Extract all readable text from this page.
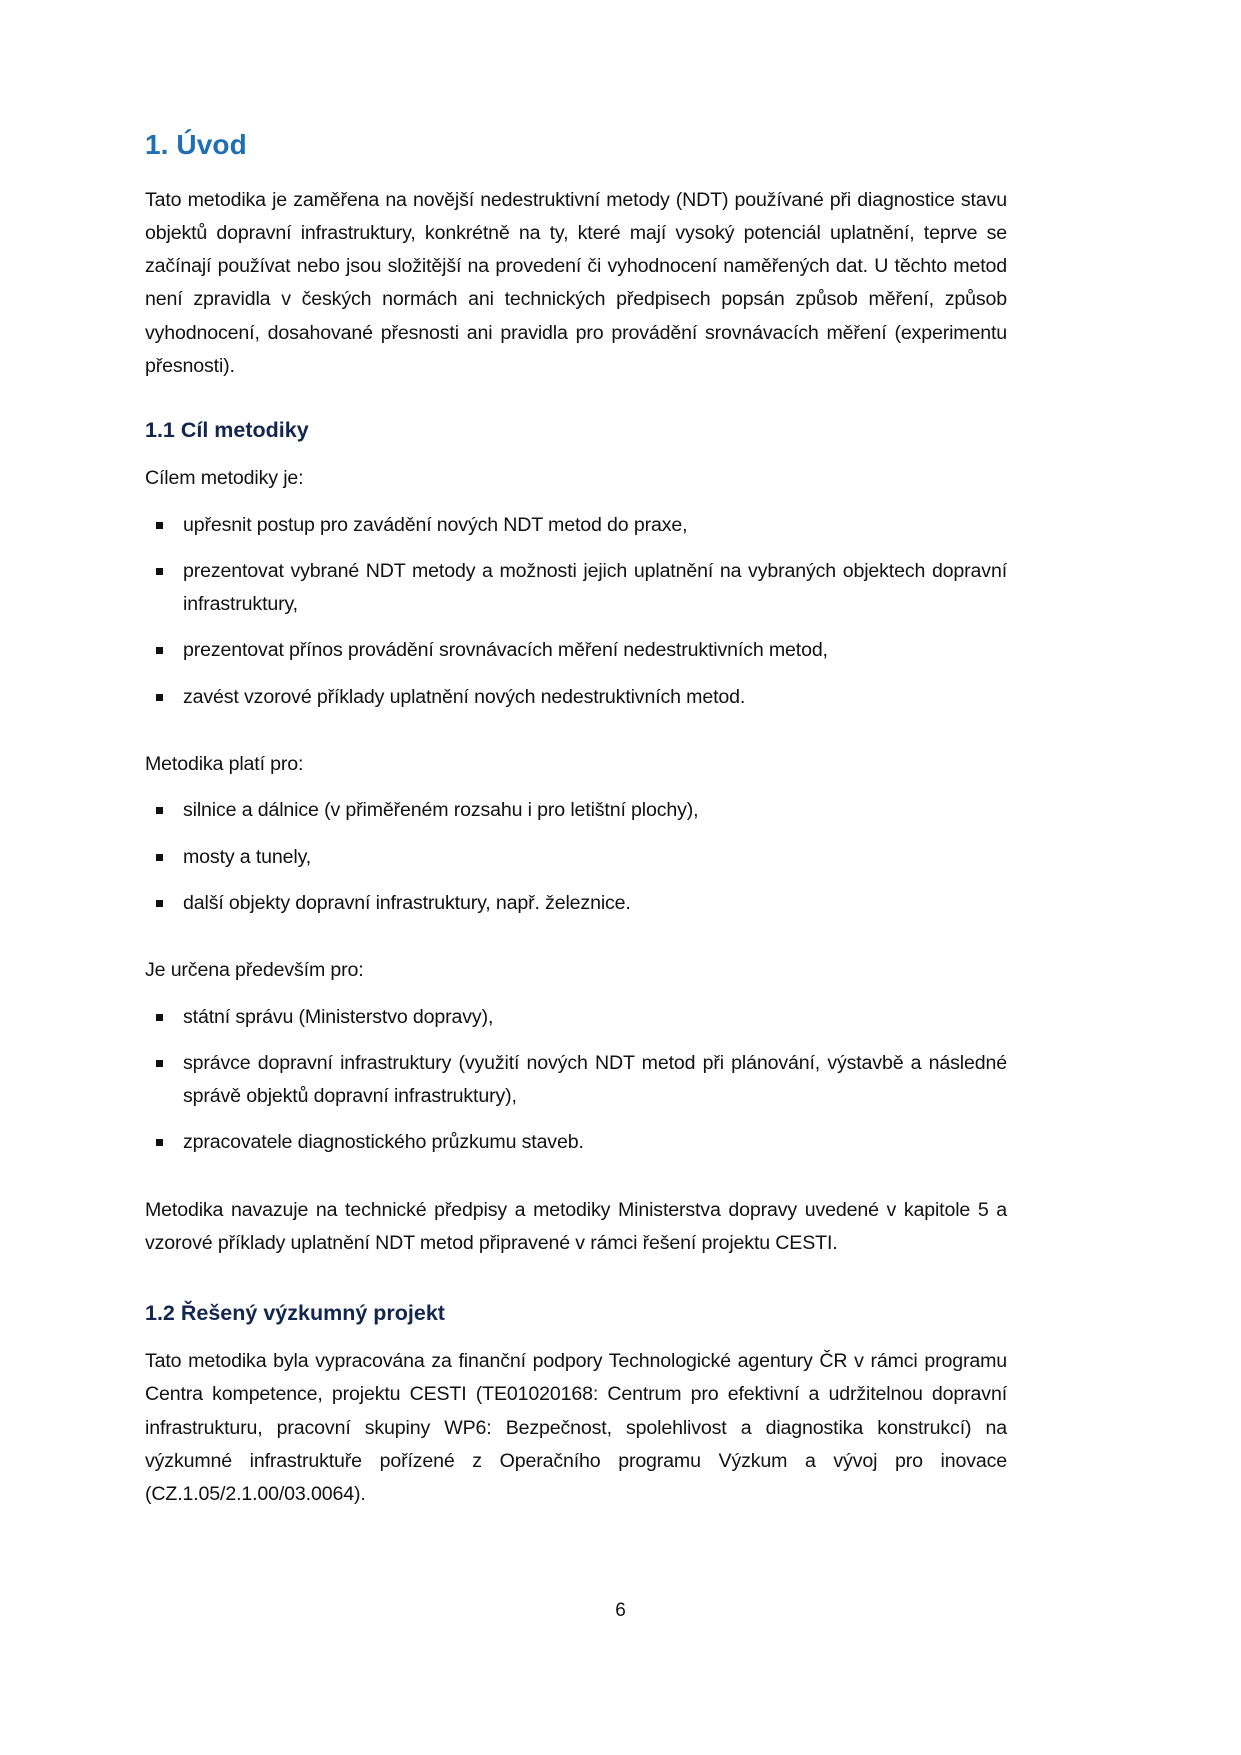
1. Úvod

Tato metodika je zaměřena na novější nedestruktivní metody (NDT) používané při diagnostice stavu objektů dopravní infrastruktury, konkrétně na ty, které mají vysoký potenciál uplatnění, teprve se začínají používat nebo jsou složitější na provedení či vyhodnocení naměřených dat. U těchto metod není zpravidla v českých normách ani technických předpisech popsán způsob měření, způsob vyhodnocení, dosahované přesnosti ani pravidla pro provádění srovnávacích měření (experimentu přesnosti).

1.1 Cíl metodiky

Cílem metodiky je:

upřesnit postup pro zavádění nových NDT metod do praxe,
prezentovat vybrané NDT metody a možnosti jejich uplatnění na vybraných objektech dopravní infrastruktury,
prezentovat přínos provádění srovnávacích měření nedestruktivních metod,
zavést vzorové příklady uplatnění nových nedestruktivních metod.

Metodika platí pro:

silnice a dálnice (v přiměřeném rozsahu i pro letištní plochy),
mosty a tunely,
další objekty dopravní infrastruktury, např. železnice.

Je určena především pro:

státní správu (Ministerstvo dopravy),
správce dopravní infrastruktury (využití nových NDT metod při plánování, výstavbě a následné správě objektů dopravní infrastruktury),
zpracovatele diagnostického průzkumu staveb.

Metodika navazuje na technické předpisy a metodiky Ministerstva dopravy uvedené v kapitole 5 a vzorové příklady uplatnění NDT metod připravené v rámci řešení projektu CESTI.

1.2 Řešený výzkumný projekt

Tato metodika byla vypracována za finanční podpory Technologické agentury ČR v rámci programu Centra kompetence, projektu CESTI (TE01020168: Centrum pro efektivní a udržitelnou dopravní infrastrukturu, pracovní skupiny WP6: Bezpečnost, spolehlivost a diagnostika konstrukcí) na výzkumné infrastruktuře pořízené z Operačního programu Výzkum a vývoj pro inovace (CZ.1.05/2.1.00/03.0064).

6
